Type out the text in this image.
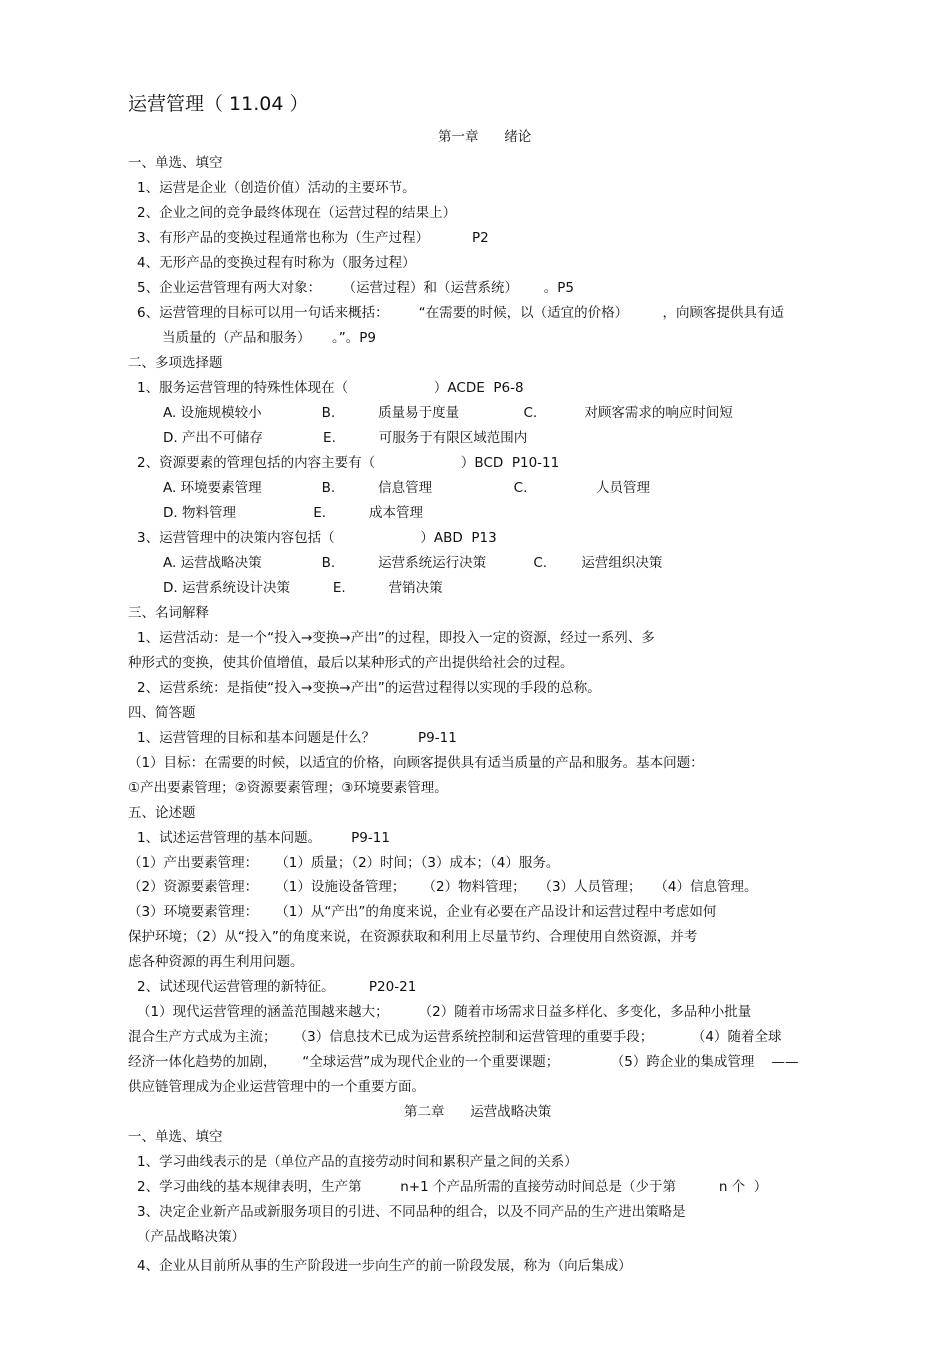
运营管理（ 11.04 ）
第一章      绪论
一、单选、填空
1、运营是企业（创造价值）活动的主要环节。
2、企业之间的竞争最终体现在（运营过程的结果上）
3、有形产品的变换过程通常也称为（生产过程）          P2
4、无形产品的变换过程有时称为（服务过程）
5、企业运营管理有两大对象：     （运营过程）和（运营系统）      。P5
6、运营管理的目标可以用一句话来概括：       “在需要的时候，以（适宜的价格）        ，向顾客提供具有适
当质量的（产品和服务）     。”。P9
二、多项选择题
1、服务运营管理的特殊性体现在（                    ）ACDE  P6-8
A. 设施规模较小              B.          质量易于度量               C.           对顾客需求的响应时间短
D. 产出不可储存              E.          可服务于有限区域范围内
2、资源要素的管理包括的内容主要有（                    ）BCD  P10-11
A. 环境要素管理              B.          信息管理                   C.                人员管理
D. 物料管理                  E.          成本管理
3、运营管理中的决策内容包括（                    ）ABD  P13
A. 运营战略决策              B.          运营系统运行决策           C.        运营组织决策
D. 运营系统设计决策          E.          营销决策
三、名词解释
1、运营活动：是一个“投入→变换→产出”的过程，即投入一定的资源，经过一系列、多
种形式的变换，使其价值增值，最后以某种形式的产出提供给社会的过程。
2、运营系统：是指使“投入→变换→产出”的运营过程得以实现的手段的总称。
四、简答题
1、运营管理的目标和基本问题是什么？          P9-11
（1）目标：在需要的时候，以适宜的价格，向顾客提供具有适当质量的产品和服务。基本问题：
①产出要素管理；②资源要素管理；③环境要素管理。
五、论述题
1、试述运营管理的基本问题。       P9-11
（1）产出要素管理：    （1）质量；（2）时间；（3）成本；（4）服务。
（2）资源要素管理：    （1）设施设备管理；    （2）物料管理；   （3）人员管理；   （4）信息管理。
（3）环境要素管理：    （1）从“产出”的角度来说，企业有必要在产品设计和运营过程中考虑如何
保护环境；（2）从“投入”的角度来说，在资源获取和利用上尽量节约、合理使用自然资源，并考
虑各种资源的再生利用问题。
2、试述现代运营管理的新特征。        P20-21
（1）现代运营管理的涵盖范围越来越大；       （2）随着市场需求日益多样化、多变化，多品种小批量
混合生产方式成为主流；    （3）信息技术已成为运营系统控制和运营管理的重要手段；         （4）随着全球
经济一体化趋势的加剧，      “全球运营”成为现代企业的一个重要课题；            （5）跨企业的集成管理    ——
供应链管理成为企业运营管理中的一个重要方面。
第二章      运营战略决策
一、单选、填空
1、学习曲线表示的是（单位产品的直接劳动时间和累积产量之间的关系）
2、学习曲线的基本规律表明，生产第         n+1 个产品所需的直接劳动时间总是（少于第          n 个  ）
3、决定企业新产品或新服务项目的引进、不同品种的组合，以及不同产品的生产进出策略是
（产品战略决策）
4、企业从目前所从事的生产阶段进一步向生产的前一阶段发展，称为（向后集成）
